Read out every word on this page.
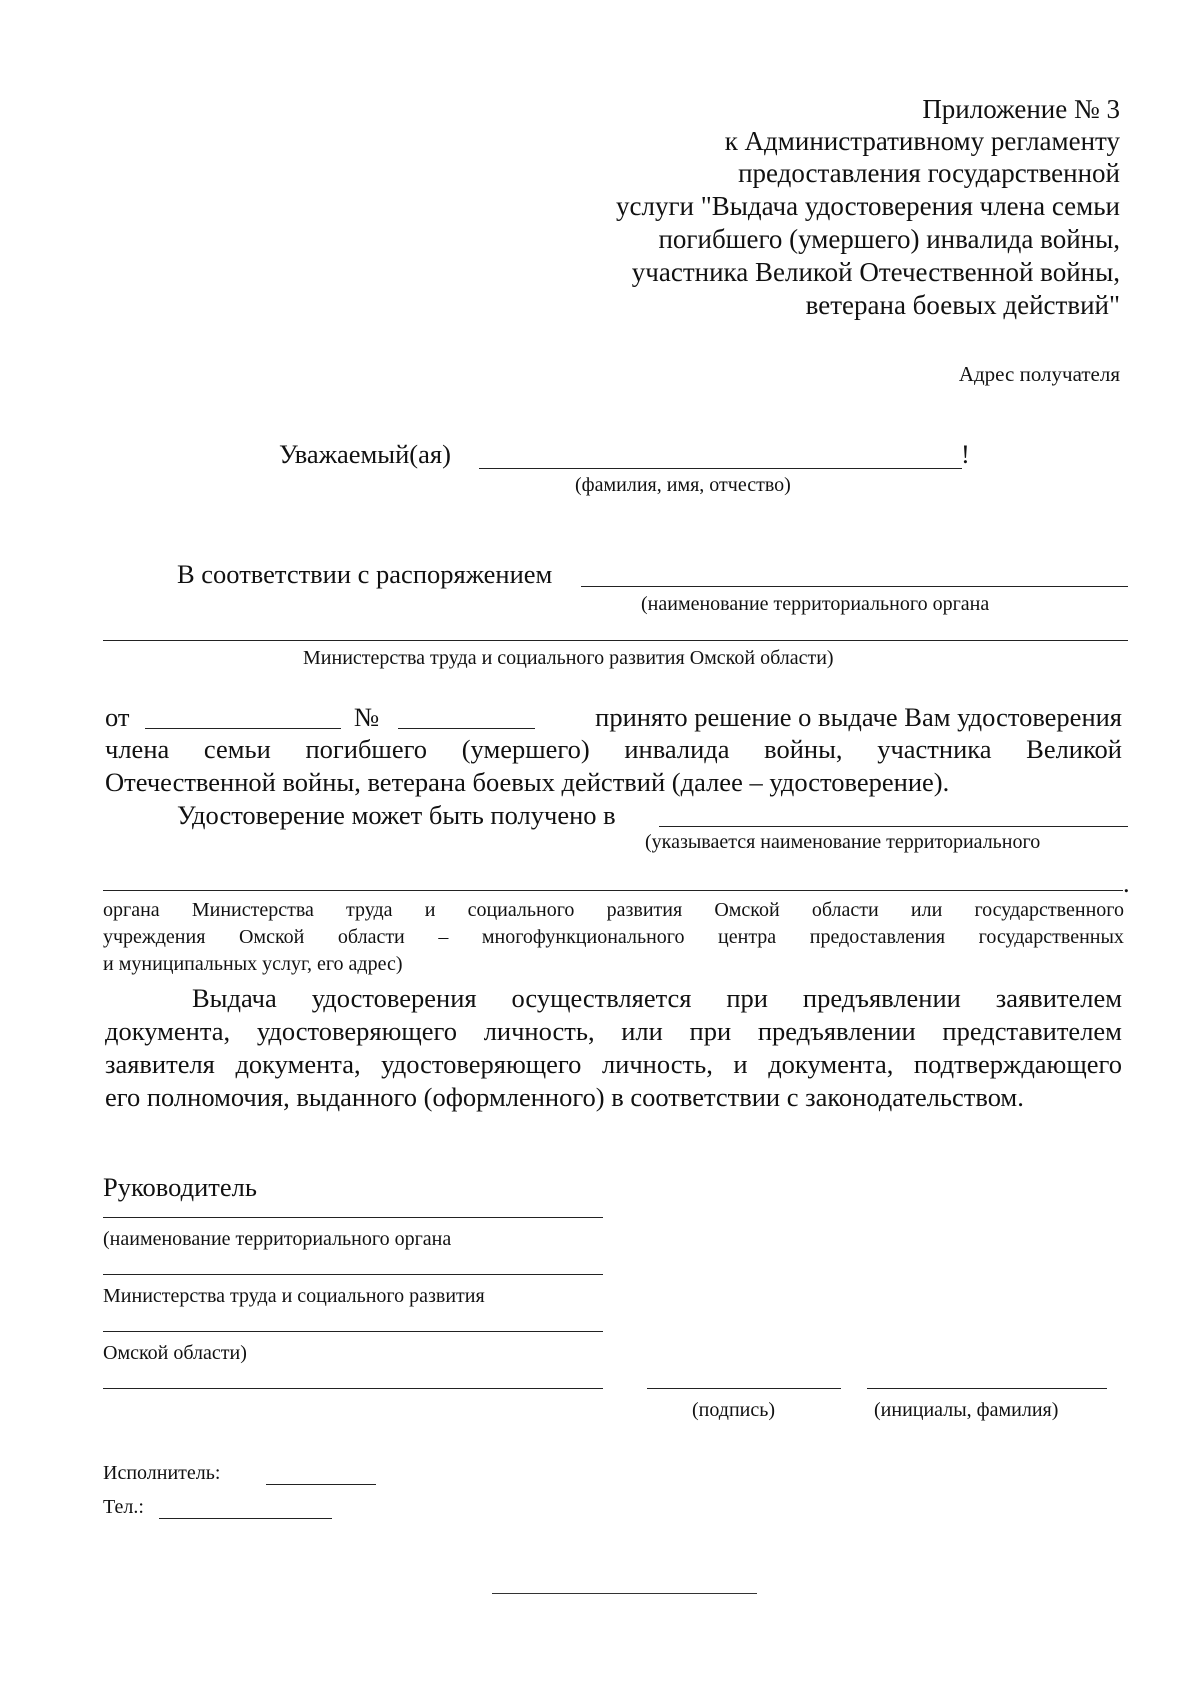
Приложение № 3

к Административному регламенту

предоставления государственной

услуги "Выдача удостоверения члена семьи

погибшего (умершего) инвалида войны,

участника Великой Отечественной войны,

ветерана боевых действий"

Адрес получателя

Уважаемый(ая)	!

(фамилия, имя, отчество)

В соответствии с распоряжением

(наименование территориального органа

Министерства труда и социального развития Омской области)

от	№	принято решение о выдаче Вам удостоверения

члена семьи погибшего (умершего) инвалида войны, участника Великой

Отечественной войны, ветерана боевых действий (далее – удостоверение).

Удостоверение может быть получено в

(указывается наименование территориального

.

органа Министерства труда и социального развития Омской области или государственного
учреждения Омской области – многофункционального центра предоставления государственных

и муниципальных услуг, его адрес)

Выдача удостоверения осуществляется при предъявлении заявителем
документа, удостоверяющего личность, или при предъявлении представителем
заявителя документа, удостоверяющего личность, и документа, подтверждающего

его полномочия, выданного (оформленного) в соответствии с законодательством.

Руководитель

(наименование территориального органа

Министерства труда и социального развития

Омской области)

(подпись)	(инициалы, фамилия)

Исполнитель:

Тел.:
